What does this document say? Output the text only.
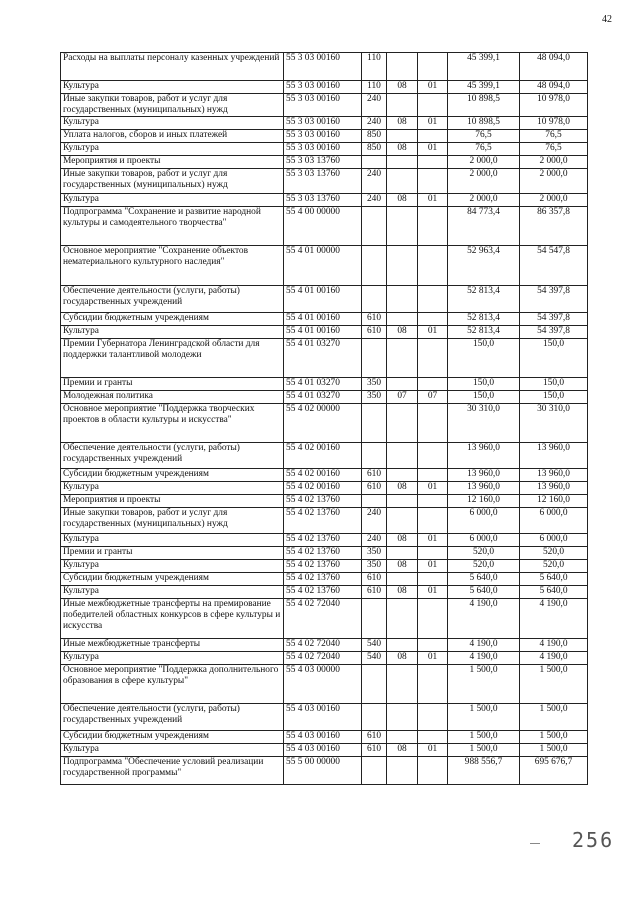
42
Расходы на выплаты персоналу казенных учреждений	55 3 03 00160	110			45 399,1	48 094,0
Культура	55 3 03 00160	110	08	01	45 399,1	48 094,0
Иные закупки товаров, работ и услуг для государственных (муниципальных) нужд	55 3 03 00160	240			10 898,5	10 978,0
Культура	55 3 03 00160	240	08	01	10 898,5	10 978,0
Уплата налогов, сборов и иных платежей	55 3 03 00160	850			76,5	76,5
Культура	55 3 03 00160	850	08	01	76,5	76,5
Мероприятия и проекты	55 3 03 13760				2 000,0	2 000,0
Иные закупки товаров, работ и услуг для государственных (муниципальных) нужд	55 3 03 13760	240			2 000,0	2 000,0
Культура	55 3 03 13760	240	08	01	2 000,0	2 000,0
Подпрограмма "Сохранение и развитие народной культуры и самодеятельного творчества"	55 4 00 00000				84 773,4	86 357,8
Основное мероприятие "Сохранение объектов нематериального культурного наследия"	55 4 01 00000				52 963,4	54 547,8
Обеспечение деятельности (услуги, работы) государственных учреждений	55 4 01 00160				52 813,4	54 397,8
Субсидии бюджетным учреждениям	55 4 01 00160	610			52 813,4	54 397,8
Культура	55 4 01 00160	610	08	01	52 813,4	54 397,8
Премии Губернатора Ленинградской области для поддержки талантливой молодежи	55 4 01 03270				150,0	150,0
Премии и гранты	55 4 01 03270	350			150,0	150,0
Молодежная политика	55 4 01 03270	350	07	07	150,0	150,0
Основное мероприятие "Поддержка творческих проектов в области культуры и искусства"	55 4 02 00000				30 310,0	30 310,0
Обеспечение деятельности (услуги, работы) государственных учреждений	55 4 02 00160				13 960,0	13 960,0
Субсидии бюджетным учреждениям	55 4 02 00160	610			13 960,0	13 960,0
Культура	55 4 02 00160	610	08	01	13 960,0	13 960,0
Мероприятия и проекты	55 4 02 13760				12 160,0	12 160,0
Иные закупки товаров, работ и услуг для государственных (муниципальных) нужд	55 4 02 13760	240			6 000,0	6 000,0
Культура	55 4 02 13760	240	08	01	6 000,0	6 000,0
Премии и гранты	55 4 02 13760	350			520,0	520,0
Культура	55 4 02 13760	350	08	01	520,0	520,0
Субсидии бюджетным учреждениям	55 4 02 13760	610			5 640,0	5 640,0
Культура	55 4 02 13760	610	08	01	5 640,0	5 640,0
Иные межбюджетные трансферты на премирование победителей областных конкурсов в сфере культуры и искусства	55 4 02 72040				4 190,0	4 190,0
Иные межбюджетные трансферты	55 4 02 72040	540			4 190,0	4 190,0
Культура	55 4 02 72040	540	08	01	4 190,0	4 190,0
Основное мероприятие "Поддержка дополнительного образования в сфере культуры"	55 4 03 00000				1 500,0	1 500,0
Обеспечение деятельности (услуги, работы) государственных учреждений	55 4 03 00160				1 500,0	1 500,0
Субсидии бюджетным учреждениям	55 4 03 00160	610			1 500,0	1 500,0
Культура	55 4 03 00160	610	08	01	1 500,0	1 500,0
Подпрограмма "Обеспечение условий реализации государственной программы"	55 5 00 00000				988 556,7	695 676,7
256
